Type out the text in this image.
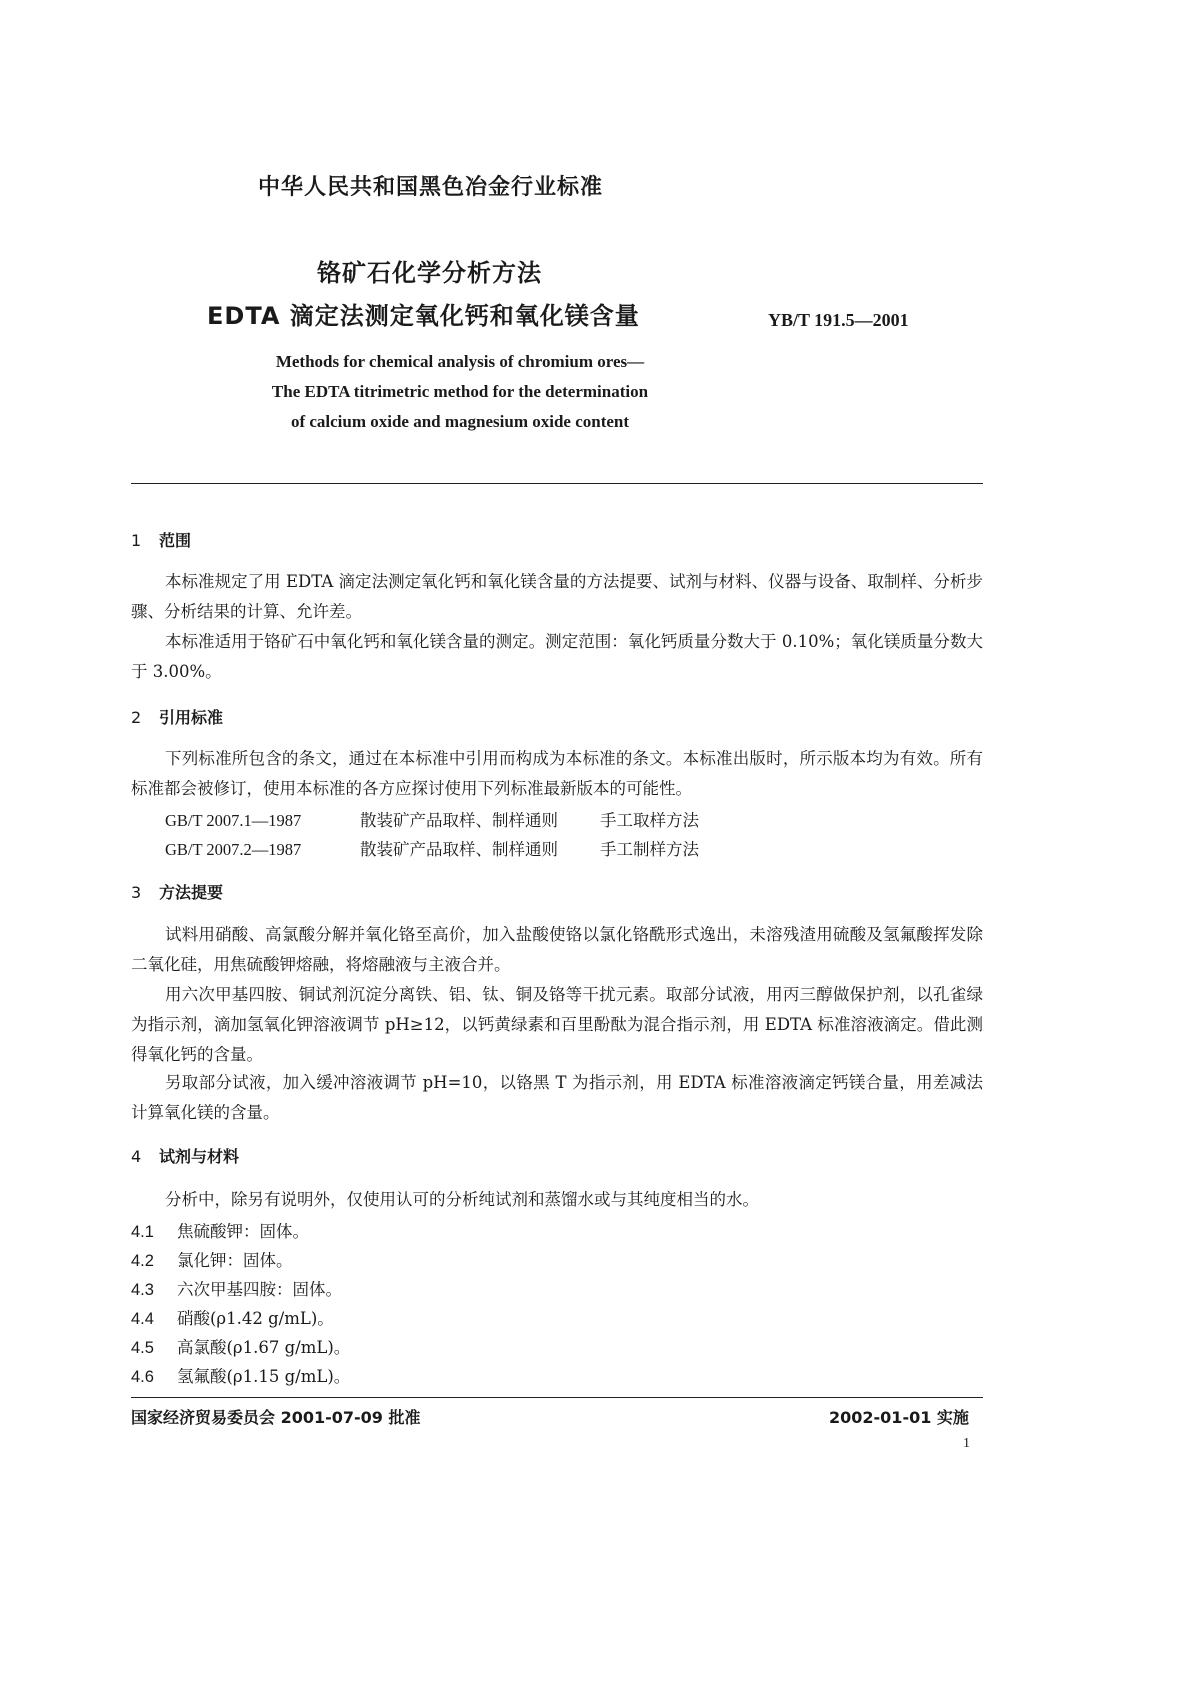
中华人民共和国黑色冶金行业标准
铬矿石化学分析方法
EDTA 滴定法测定氧化钙和氧化镁含量	YB/T 191.5—2001
Methods for chemical analysis of chromium ores—
The EDTA titrimetric method for the determination
of calcium oxide and magnesium oxide content
1 范围
本标准规定了用 EDTA 滴定法测定氧化钙和氧化镁含量的方法提要、试剂与材料、仪器与设备、取制样、分析步骤、分析结果的计算、允许差。
本标准适用于铬矿石中氧化钙和氧化镁含量的测定。测定范围：氧化钙质量分数大于 0.10%；氧化镁质量分数大于 3.00%。
2 引用标准
下列标准所包含的条文，通过在本标准中引用而构成为本标准的条文。本标准出版时，所示版本均为有效。所有标准都会被修订，使用本标准的各方应探讨使用下列标准最新版本的可能性。
GB/T 2007.1—1987	散装矿产品取样、制样通则	手工取样方法
GB/T 2007.2—1987	散装矿产品取样、制样通则	手工制样方法
3 方法提要
试料用硝酸、高氯酸分解并氧化铬至高价，加入盐酸使铬以氯化铬酰形式逸出，未溶残渣用硫酸及氢氟酸挥发除二氧化硅，用焦硫酸钾熔融，将熔融液与主液合并。
用六次甲基四胺、铜试剂沉淀分离铁、铝、钛、铜及铬等干扰元素。取部分试液，用丙三醇做保护剂，以孔雀绿为指示剂，滴加氢氧化钾溶液调节 pH≥12，以钙黄绿素和百里酚酞为混合指示剂，用 EDTA 标准溶液滴定。借此测得氧化钙的含量。
另取部分试液，加入缓冲溶液调节 pH=10，以铬黑 T 为指示剂，用 EDTA 标准溶液滴定钙镁合量，用差减法计算氧化镁的含量。
4 试剂与材料
分析中，除另有说明外，仅使用认可的分析纯试剂和蒸馏水或与其纯度相当的水。
4.1 焦硫酸钾：固体。
4.2 氯化钾：固体。
4.3 六次甲基四胺：固体。
4.4 硝酸(ρ1.42 g/mL)。
4.5 高氯酸(ρ1.67 g/mL)。
4.6 氢氟酸(ρ1.15 g/mL)。
国家经济贸易委员会 2001-07-09 批准	2002-01-01 实施
1
